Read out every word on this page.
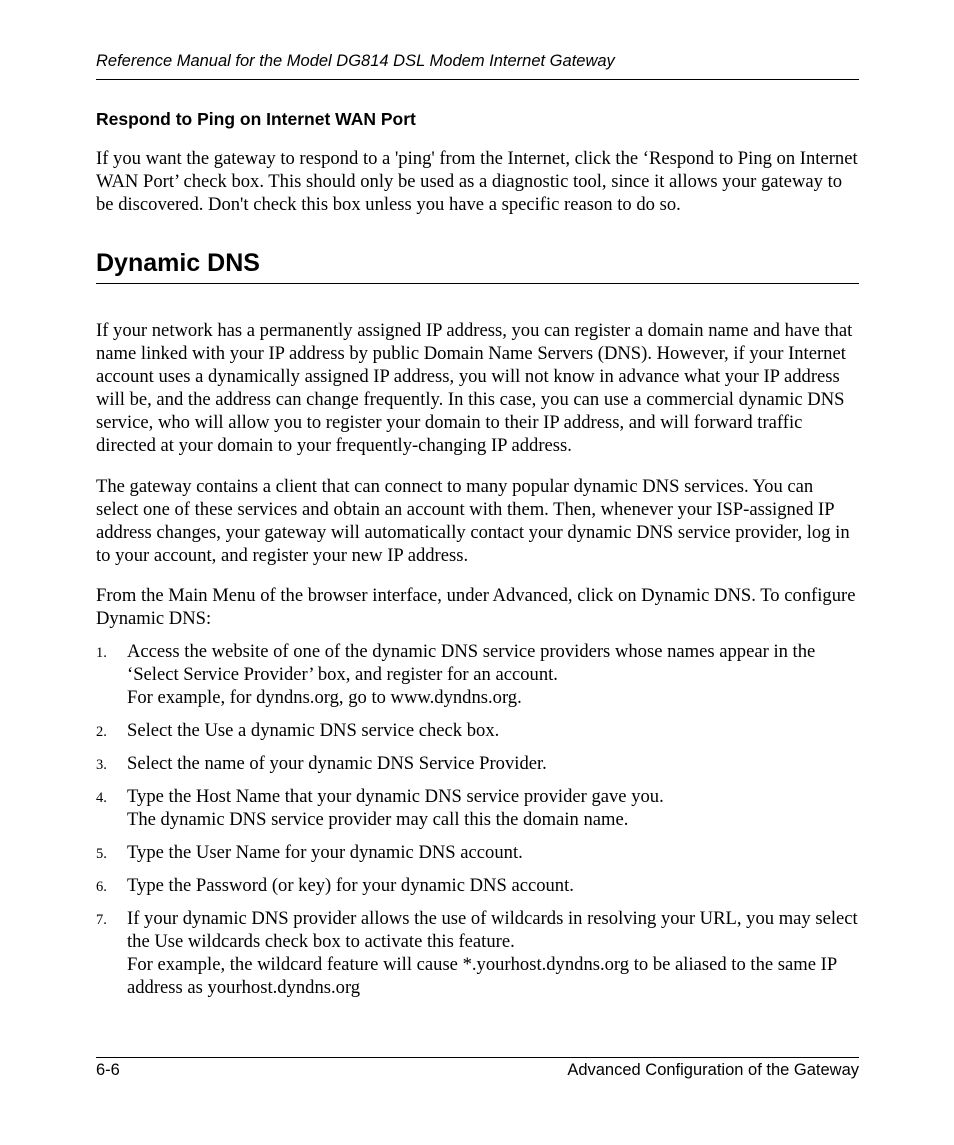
Reference Manual for the Model DG814 DSL Modem Internet Gateway
Respond to Ping on Internet WAN Port

If you want the gateway to respond to a 'ping' from the Internet, click the ‘Respond to Ping on Internet WAN Port’ check box. This should only be used as a diagnostic tool, since it allows your gateway to be discovered. Don't check this box unless you have a specific reason to do so.

Dynamic DNS

If your network has a permanently assigned IP address, you can register a domain name and have that name linked with your IP address by public Domain Name Servers (DNS). However, if your Internet account uses a dynamically assigned IP address, you will not know in advance what your IP address will be, and the address can change frequently. In this case, you can use a commercial dynamic DNS service, who will allow you to register your domain to their IP address, and will forward traffic directed at your domain to your frequently-changing IP address.

The gateway contains a client that can connect to many popular dynamic DNS services. You can select one of these services and obtain an account with them. Then, whenever your ISP-assigned IP address changes, your gateway will automatically contact your dynamic DNS service provider, log in to your account, and register your new IP address.

From the Main Menu of the browser interface, under Advanced, click on Dynamic DNS. To configure Dynamic DNS:

1. Access the website of one of the dynamic DNS service providers whose names appear in the ‘Select Service Provider’ box, and register for an account.
For example, for dyndns.org, go to www.dyndns.org.
2. Select the Use a dynamic DNS service check box.
3. Select the name of your dynamic DNS Service Provider.
4. Type the Host Name that your dynamic DNS service provider gave you.
The dynamic DNS service provider may call this the domain name.
5. Type the User Name for your dynamic DNS account.
6. Type the Password (or key) for your dynamic DNS account.
7. If your dynamic DNS provider allows the use of wildcards in resolving your URL, you may select the Use wildcards check box to activate this feature.
For example, the wildcard feature will cause *.yourhost.dyndns.org to be aliased to the same IP address as yourhost.dyndns.org
6-6	Advanced Configuration of the Gateway
